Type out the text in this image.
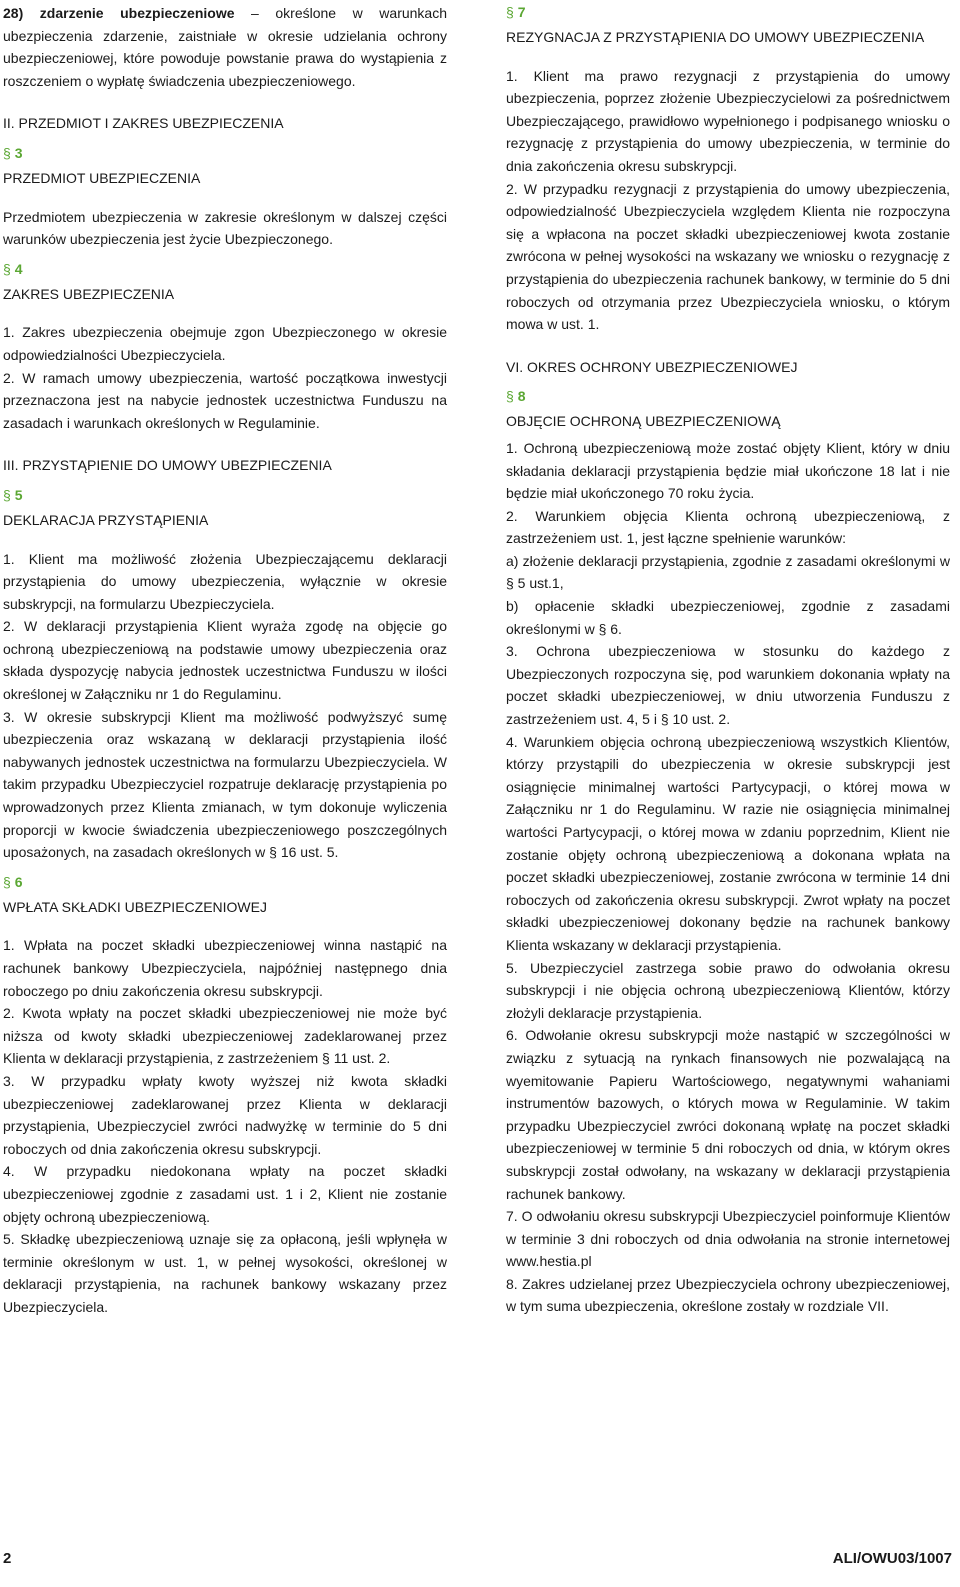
28) zdarzenie ubezpieczeniowe – określone w warunkach ubezpieczenia zdarzenie, zaistniałe w okresie udzielania ochrony ubezpieczeniowej, które powoduje powstanie prawa do wystąpienia z roszczeniem o wypłatę świadczenia ubezpieczeniowego.

II. PRZEDMIOT I ZAKRES UBEZPIECZENIA

§ 3

PRZEDMIOT UBEZPIECZENIA

Przedmiotem ubezpieczenia w zakresie określonym w dalszej części warunków ubezpieczenia jest życie Ubezpieczonego.

§ 4

ZAKRES UBEZPIECZENIA

1. Zakres ubezpieczenia obejmuje zgon Ubezpieczonego w okresie odpowiedzialności Ubezpieczyciela.

2. W ramach umowy ubezpieczenia, wartość początkowa inwestycji przeznaczona jest na nabycie jednostek uczestnictwa Funduszu na zasadach i warunkach określonych w Regulaminie.

III. PRZYSTĄPIENIE DO UMOWY UBEZPIECZENIA

§ 5

DEKLARACJA PRZYSTĄPIENIA

1. Klient ma możliwość złożenia Ubezpieczającemu deklaracji przystąpienia do umowy ubezpieczenia, wyłącznie w okresie subskrypcji, na formularzu Ubezpieczyciela.

2. W deklaracji przystąpienia Klient wyraża zgodę na objęcie go ochroną ubezpieczeniową na podstawie umowy ubezpieczenia oraz składa dyspozycję nabycia jednostek uczestnictwa Funduszu w ilości określonej w Załączniku nr 1 do Regulaminu.

3. W okresie subskrypcji Klient ma możliwość podwyższyć sumę ubezpieczenia oraz wskazaną w deklaracji przystąpienia ilość nabywanych jednostek uczestnictwa na formularzu Ubezpieczyciela. W takim przypadku Ubezpieczyciel rozpatruje deklarację przystąpienia po wprowadzonych przez Klienta zmianach, w tym dokonuje wyliczenia proporcji w kwocie świadczenia ubezpieczeniowego poszczególnych uposażonych, na zasadach określonych w § 16 ust. 5.

§ 6

WPŁATA SKŁADKI UBEZPIECZENIOWEJ

1. Wpłata na poczet składki ubezpieczeniowej winna nastąpić na rachunek bankowy Ubezpieczyciela, najpóźniej następnego dnia roboczego po dniu zakończenia okresu subskrypcji.

2. Kwota wpłaty na poczet składki ubezpieczeniowej nie może być niższa od kwoty składki ubezpieczeniowej zadeklarowanej przez Klienta w deklaracji przystąpienia, z zastrzeżeniem § 11 ust. 2.

3. W przypadku wpłaty kwoty wyższej niż kwota składki ubezpieczeniowej zadeklarowanej przez Klienta w deklaracji przystąpienia, Ubezpieczyciel zwróci nadwyżkę w terminie do 5 dni roboczych od dnia zakończenia okresu subskrypcji.

4. W przypadku niedokonana wpłaty na poczet składki ubezpieczeniowej zgodnie z zasadami ust. 1 i 2, Klient nie zostanie objęty ochroną ubezpieczeniową.

5. Składkę ubezpieczeniową uznaje się za opłaconą, jeśli wpłynęła w terminie określonym w ust. 1, w pełnej wysokości, określonej w deklaracji przystąpienia, na rachunek bankowy wskazany przez Ubezpieczyciela.

§ 7

REZYGNACJA Z PRZYSTĄPIENIA DO UMOWY UBEZPIECZENIA

1. Klient ma prawo rezygnacji z przystąpienia do umowy ubezpieczenia, poprzez złożenie Ubezpieczycielowi za pośrednictwem Ubezpieczającego, prawidłowo wypełnionego i podpisanego wniosku o rezygnację z przystąpienia do umowy ubezpieczenia, w terminie do dnia zakończenia okresu subskrypcji.

2. W przypadku rezygnacji z przystąpienia do umowy ubezpieczenia, odpowiedzialność Ubezpieczyciela względem Klienta nie rozpoczyna się a wpłacona na poczet składki ubezpieczeniowej kwota zostanie zwrócona w pełnej wysokości na wskazany we wniosku o rezygnację z przystąpienia do ubezpieczenia rachunek bankowy, w terminie do 5 dni roboczych od otrzymania przez Ubezpieczyciela wniosku, o którym mowa w ust. 1.

VI. OKRES OCHRONY UBEZPIECZENIOWEJ

§ 8

OBJĘCIE OCHRONĄ UBEZPIECZENIOWĄ

1. Ochroną ubezpieczeniową może zostać objęty Klient, który w dniu składania deklaracji przystąpienia będzie miał ukończone 18 lat i nie będzie miał ukończonego 70 roku życia.

2. Warunkiem objęcia Klienta ochroną ubezpieczeniową, z zastrzeżeniem ust. 1, jest łączne spełnienie warunków:

a) złożenie deklaracji przystąpienia, zgodnie z zasadami określonymi w § 5 ust.1,

b) opłacenie składki ubezpieczeniowej, zgodnie z zasadami określonymi w § 6.

3. Ochrona ubezpieczeniowa w stosunku do każdego z Ubezpieczonych rozpoczyna się, pod warunkiem dokonania wpłaty na poczet składki ubezpieczeniowej, w dniu utworzenia Funduszu z zastrzeżeniem ust. 4, 5 i § 10 ust. 2.

4. Warunkiem objęcia ochroną ubezpieczeniową wszystkich Klientów, którzy przystąpili do ubezpieczenia w okresie subskrypcji jest osiągnięcie minimalnej wartości Partycypacji, o której mowa w Załączniku nr 1 do Regulaminu. W razie nie osiągnięcia minimalnej wartości Partycypacji, o której mowa w zdaniu poprzednim, Klient nie zostanie objęty ochroną ubezpieczeniową a dokonana wpłata na poczet składki ubezpieczeniowej, zostanie zwrócona w terminie 14 dni roboczych od zakończenia okresu subskrypcji. Zwrot wpłaty na poczet składki ubezpieczeniowej dokonany będzie na rachunek bankowy Klienta wskazany w deklaracji przystąpienia.

5. Ubezpieczyciel zastrzega sobie prawo do odwołania okresu subskrypcji i nie objęcia ochroną ubezpieczeniową Klientów, którzy złożyli deklaracje przystąpienia.

6. Odwołanie okresu subskrypcji może nastąpić w szczególności w związku z sytuacją na rynkach finansowych nie pozwalającą na wyemitowanie Papieru Wartościowego, negatywnymi wahaniami instrumentów bazowych, o których mowa w Regulaminie. W takim przypadku Ubezpieczyciel zwróci dokonaną wpłatę na poczet składki ubezpieczeniowej w terminie 5 dni roboczych od dnia, w którym okres subskrypcji został odwołany, na wskazany w deklaracji przystąpienia rachunek bankowy.

7. O odwołaniu okresu subskrypcji Ubezpieczyciel poinformuje Klientów w terminie 3 dni roboczych od dnia odwołania na stronie internetowej www.hestia.pl

8. Zakres udzielanej przez Ubezpieczyciela ochrony ubezpieczeniowej, w tym suma ubezpieczenia, określone zostały w rozdziale VII.

2	ALI/OWU03/1007
